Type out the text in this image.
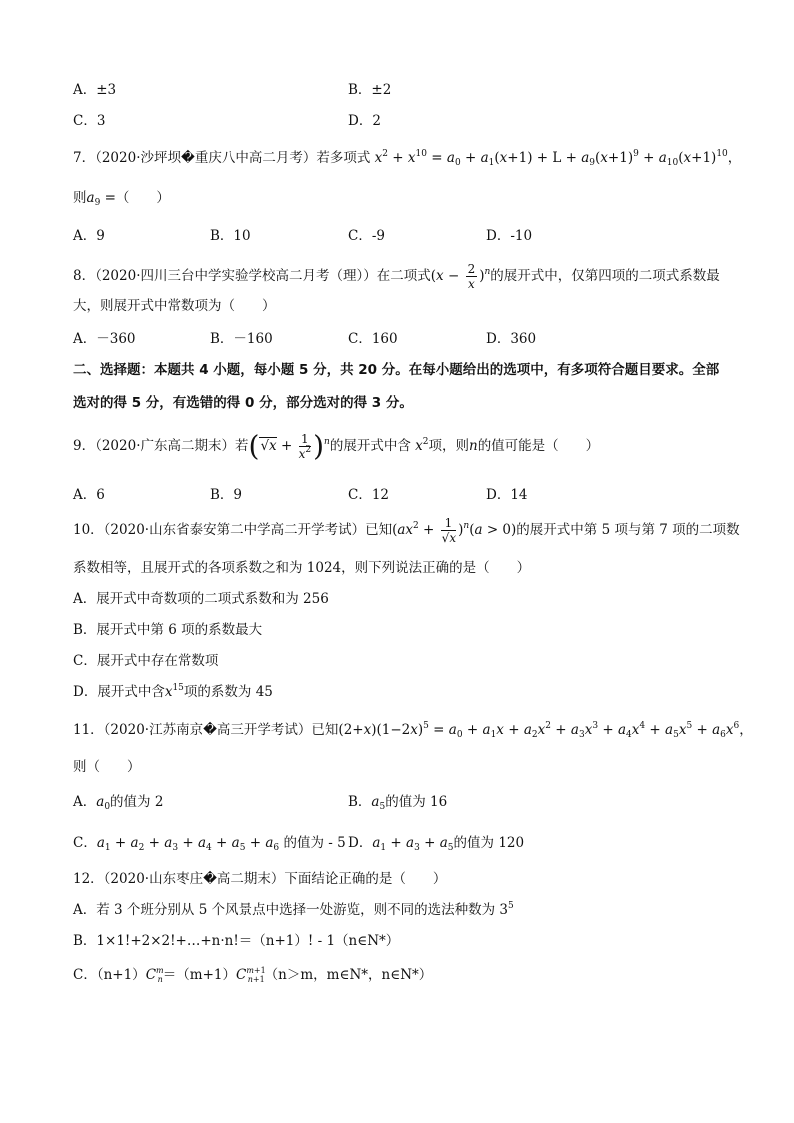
A．±3	B．±2
C．3	D．2
7．（2020·沙坪坝�重庆八中高二月考）若多项式 $x^2 + x^{10} = a_0 + a_1(x+1) + L + a_9(x+1)^9 + a_{10}(x+1)^{10}$，
则$a_9$ =（　　）
A．9	B．10	C．-9	D．-10
8．（2020·四川三台中学实验学校高二月考（理））在二项式$(x - \frac{2}{x} )^n$的展开式中，仅第四项的二项式系数最
大，则展开式中常数项为（　　）
A．－360	B．－160	C．160	D．360
二、选择题：本题共 4 小题，每小题 5 分，共 20 分。在每小题给出的选项中，有多项符合题目要求。全部
选对的得 5 分，有选错的得 0 分，部分选对的得 3 分。
9．（2020·广东高二期末）若$(√x + \frac{1}{x^2} )^n$的展开式中含 $x^2$项，则n的值可能是（　　）
A．6	B．9	C．12	D．14
10．（2020·山东省泰安第二中学高二开学考试）已知$(ax^2 + \frac{1}{√x} )^n(a > 0)$的展开式中第 5 项与第 7 项的二项数
系数相等，且展开式的各项系数之和为 1024，则下列说法正确的是（　　）
A．展开式中奇数项的二项式系数和为 256
B．展开式中第 6 项的系数最大
C．展开式中存在常数项
D．展开式中含$x^{15}$项的系数为 45
11．（2020·江苏南京�高三开学考试）已知$(2+x)(1-2x)^5 = a_0 + a_1x + a_2x^2 + a_3x^3 + a_4x^4 + a_5x^5 + a_6x^6$，
则（　　）
A．$a_0$的值为 2	B．$a_5$的值为 16
C．$a_1 + a_2 + a_3 + a_4 + a_5 + a_6$ 的值为 - 5 D．$a_1 + a_3 + a_5$的值为 120
12．（2020·山东枣庄�高二期末）下面结论正确的是（　　）
A．若 3 个班分别从 5 个风景点中选择一处游览，则不同的选法种数为 $3^5$
B．1×1!+2×2!+…+n·n!＝（n+1）! - 1（n∈N*）
C．$(n+1)C^m_n=(m+1)C^{m+1}_{n+1}(n>m$，m∈N*，n∈N*）
